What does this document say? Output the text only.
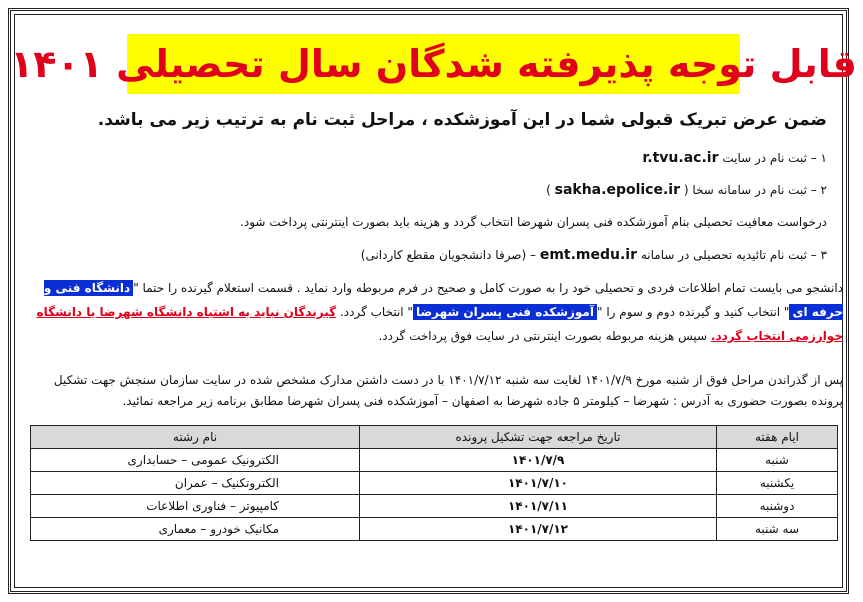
قابل توجه پذیرفته شدگان سال تحصیلی ۱۴۰۱
ضمن عرض تبریک قبولی شما در این آموزشکده ، مراحل ثبت نام به ترتیب زیر می باشد.
۱ – ثبت نام در سایت r.tvu.ac.ir
۲ – ثبت نام در سامانه سخا ( sakha.epolice.ir )
درخواست معافیت تحصیلی بنام آموزشکده فنی پسران شهرضا انتخاب گردد و هزینه باید بصورت اینترنتی پرداخت شود.
۳ – ثبت نام تائیدیه تحصیلی در سامانه emt.medu.ir – (صرفا دانشجویان مقطع کاردانی)
دانشجو می بایست تمام اطلاعات فردی و تحصیلی خود را به صورت کامل و صحیح در فرم مربوطه وارد نماید . قسمت استعلام گیرنده را حتما "دانشگاه فنی و حرفه ای" انتخاب کنید و گیرنده دوم و سوم را "آموزشکده فنی پسران شهرضا" انتخاب گردد. گیرندگان نباید به اشتباه دانشگاه شهرضا یا دانشگاه خوارزمی انتخاب گردد. سپس هزینه مربوطه بصورت اینترنتی در سایت فوق پرداخت گردد.
پس از گذراندن مراحل فوق از شنبه مورخ ۱۴۰۱/۷/۹ لغایت سه شنبه ۱۴۰۱/۷/۱۲ با در دست داشتن مدارک مشخص شده در سایت سازمان سنجش جهت تشکیل پرونده بصورت حضوری به آدرس : شهرضا – کیلومتر ۵ جاده شهرضا به اصفهان – آموزشکده فنی پسران شهرضا مطابق برنامه زیر مراجعه نمائید.
ایام هفته	تاریخ مراجعه جهت تشکیل پرونده	نام رشته
شنبه	۱۴۰۱/۷/۹	الکترونیک عمومی – حسابداری
یکشنبه	۱۴۰۱/۷/۱۰	الکتروتکنیک – عمران
دوشنبه	۱۴۰۱/۷/۱۱	کامپیوتر – فناوری اطلاعات
سه شنبه	۱۴۰۱/۷/۱۲	مکانیک خودرو – معماری
